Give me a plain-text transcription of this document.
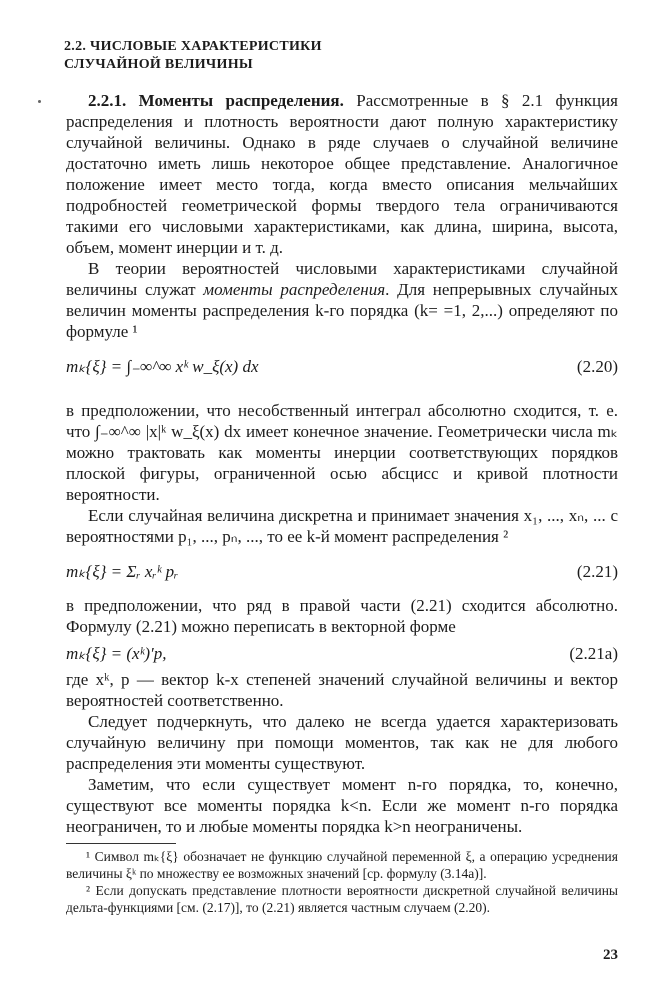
2.2. ЧИСЛОВЫЕ ХАРАКТЕРИСТИКИ
СЛУЧАЙНОЙ ВЕЛИЧИНЫ

2.2.1. Моменты распределения. Рассмотренные в § 2.1 функция распределения и плотность вероятности дают полную характеристику случайной величины. Однако в ряде случаев о случайной величине достаточно иметь лишь некоторое общее представление. Аналогичное положение имеет место тогда, когда вместо описания мельчайших подробностей геометрической формы твердого тела ограничиваются такими его числовыми характеристиками, как длина, ширина, высота, объем, момент инерции и т. д.

В теории вероятностей числовыми характеристиками случайной величины служат моменты распределения. Для непрерывных случайных величин моменты распределения k-го порядка (k= =1, 2,...) определяют по формуле ¹

mₖ{ξ} = ∫₋∞^∞ xᵏ w_ξ(x) dx	(2.20)

в предположении, что несобственный интеграл абсолютно сходится, т. е. что ∫₋∞^∞ |x|ᵏ w_ξ(x) dx имеет конечное значение. Геометрически числа mₖ можно трактовать как моменты инерции соответствующих порядков плоской фигуры, ограниченной осью абсцисс и кривой плотности вероятности.

Если случайная величина дискретна и принимает значения x₁, ..., xₙ, ... с вероятностями p₁, ..., pₙ, ..., то ее k-й момент распределения ²

mₖ{ξ} = Σᵣ xᵣᵏ pᵣ	(2.21)

в предположении, что ряд в правой части (2.21) сходится абсолютно. Формулу (2.21) можно переписать в векторной форме

mₖ{ξ} = (xᵏ)′p,	(2.21a)

где xᵏ, p — вектор k-х степеней значений случайной величины и вектор вероятностей соответственно.

Следует подчеркнуть, что далеко не всегда удается характеризовать случайную величину при помощи моментов, так как не для любого распределения эти моменты существуют.

Заметим, что если существует момент n-го порядка, то, конечно, существуют все моменты порядка k<n. Если же момент n-го порядка неограничен, то и любые моменты порядка k>n неограничены.

¹ Символ mₖ{ξ} обозначает не функцию случайной переменной ξ, а операцию усреднения величины ξᵏ по множеству ее возможных значений [ср. формулу (3.14a)].

² Если допускать представление плотности вероятности дискретной случайной величины дельта-функциями [см. (2.17)], то (2.21) является частным случаем (2.20).

23
